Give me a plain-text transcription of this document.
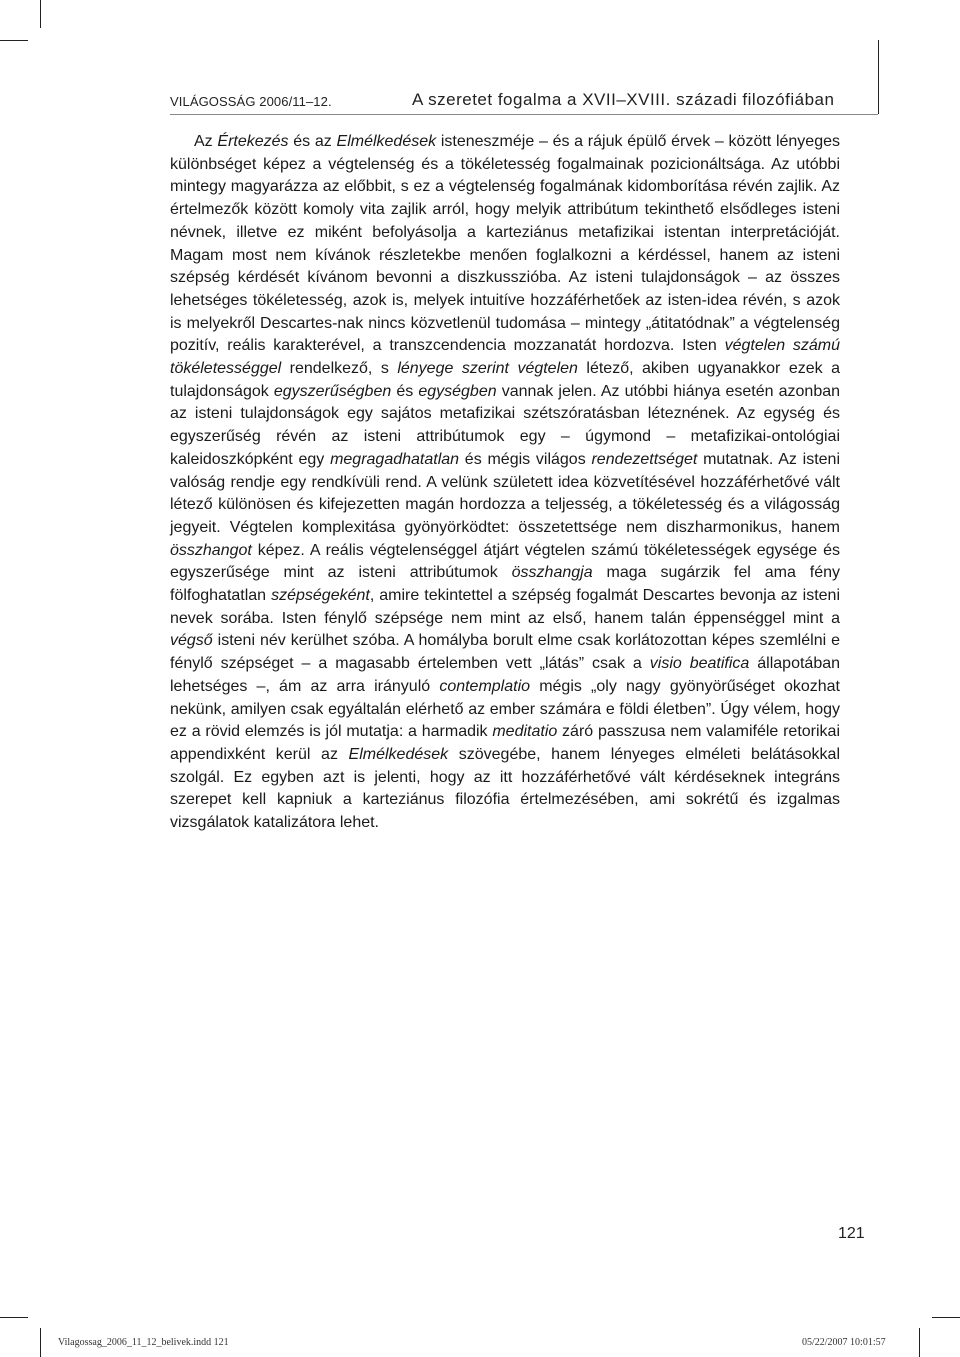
VILÁGOSSÁG 2006/11–12.	A szeretet fogalma a XVII–XVIII. századi filozófiában

Az Értekezés és az Elmélkedések isteneszméje – és a rájuk épülő érvek – között lényeges különbséget képez a végtelenség és a tökéletesség fogalmainak pozicionáltsága. Az utóbbi mintegy magyarázza az előbbit, s ez a végtelenség fogalmának kidomborítása révén zajlik. Az értelmezők között komoly vita zajlik arról, hogy melyik attribútum tekinthető elsődleges isteni névnek, illetve ez miként befolyásolja a karteziánus metafizikai istentan interpretációját. Magam most nem kívánok részletekbe menően foglalkozni a kérdéssel, hanem az isteni szépség kérdését kívánom bevonni a diszkusszióba. Az isteni tulajdonságok – az összes lehetséges tökéletesség, azok is, melyek intuitíve hozzáférhetőek az isten-idea révén, s azok is melyekről Descartes-nak nincs közvetlenül tudomása – mintegy „átitatódnak” a végtelenség pozitív, reális karakterével, a transzcendencia mozzanatát hordozva. Isten végtelen számú tökéletességgel rendelkező, s lényege szerint végtelen létező, akiben ugyanakkor ezek a tulajdonságok egyszerűségben és egységben vannak jelen. Az utóbbi hiánya esetén azonban az isteni tulajdonságok egy sajátos metafizikai szétszóratásban léteznének. Az egység és egyszerűség révén az isteni attribútumok egy – úgymond – metafizikai-ontológiai kaleidoszkópként egy megragadhatatlan és mégis világos rendezettséget mutatnak. Az isteni valóság rendje egy rendkívüli rend. A velünk született idea közvetítésével hozzáférhetővé vált létező különösen és kifejezetten magán hordozza a teljesség, a tökéletesség és a világosság jegyeit. Végtelen komplexitása gyönyörködtet: összetettsége nem diszharmonikus, hanem összhangot képez. A reális végtelenséggel átjárt végtelen számú tökéletességek egysége és egyszerűsége mint az isteni attribútumok összhangja maga sugárzik fel ama fény fölfoghatatlan szépségeként, amire tekintettel a szépség fogalmát Descartes bevonja az isteni nevek sorába. Isten fénylő szépsége nem mint az első, hanem talán éppenséggel mint a végső isteni név kerülhet szóba. A homályba borult elme csak korlátozottan képes szemlélni e fénylő szépséget – a magasabb értelemben vett „látás” csak a visio beatifica állapotában lehetséges –, ám az arra irányuló contemplatio mégis „oly nagy gyönyörűséget okozhat nekünk, amilyen csak egyáltalán elérhető az ember számára e földi életben”. Úgy vélem, hogy ez a rövid elemzés is jól mutatja: a harmadik meditatio záró passzusa nem valamiféle retorikai appendixként kerül az Elmélkedések szövegébe, hanem lényeges elméleti belátásokkal szolgál. Ez egyben azt is jelenti, hogy az itt hozzáférhetővé vált kérdéseknek integráns szerepet kell kapniuk a karteziánus filozófia értelmezésében, ami sokrétű és izgalmas vizsgálatok katalizátora lehet.

121
Vilagossag_2006_11_12_belivek.indd 121	05/22/2007 10:01:57
